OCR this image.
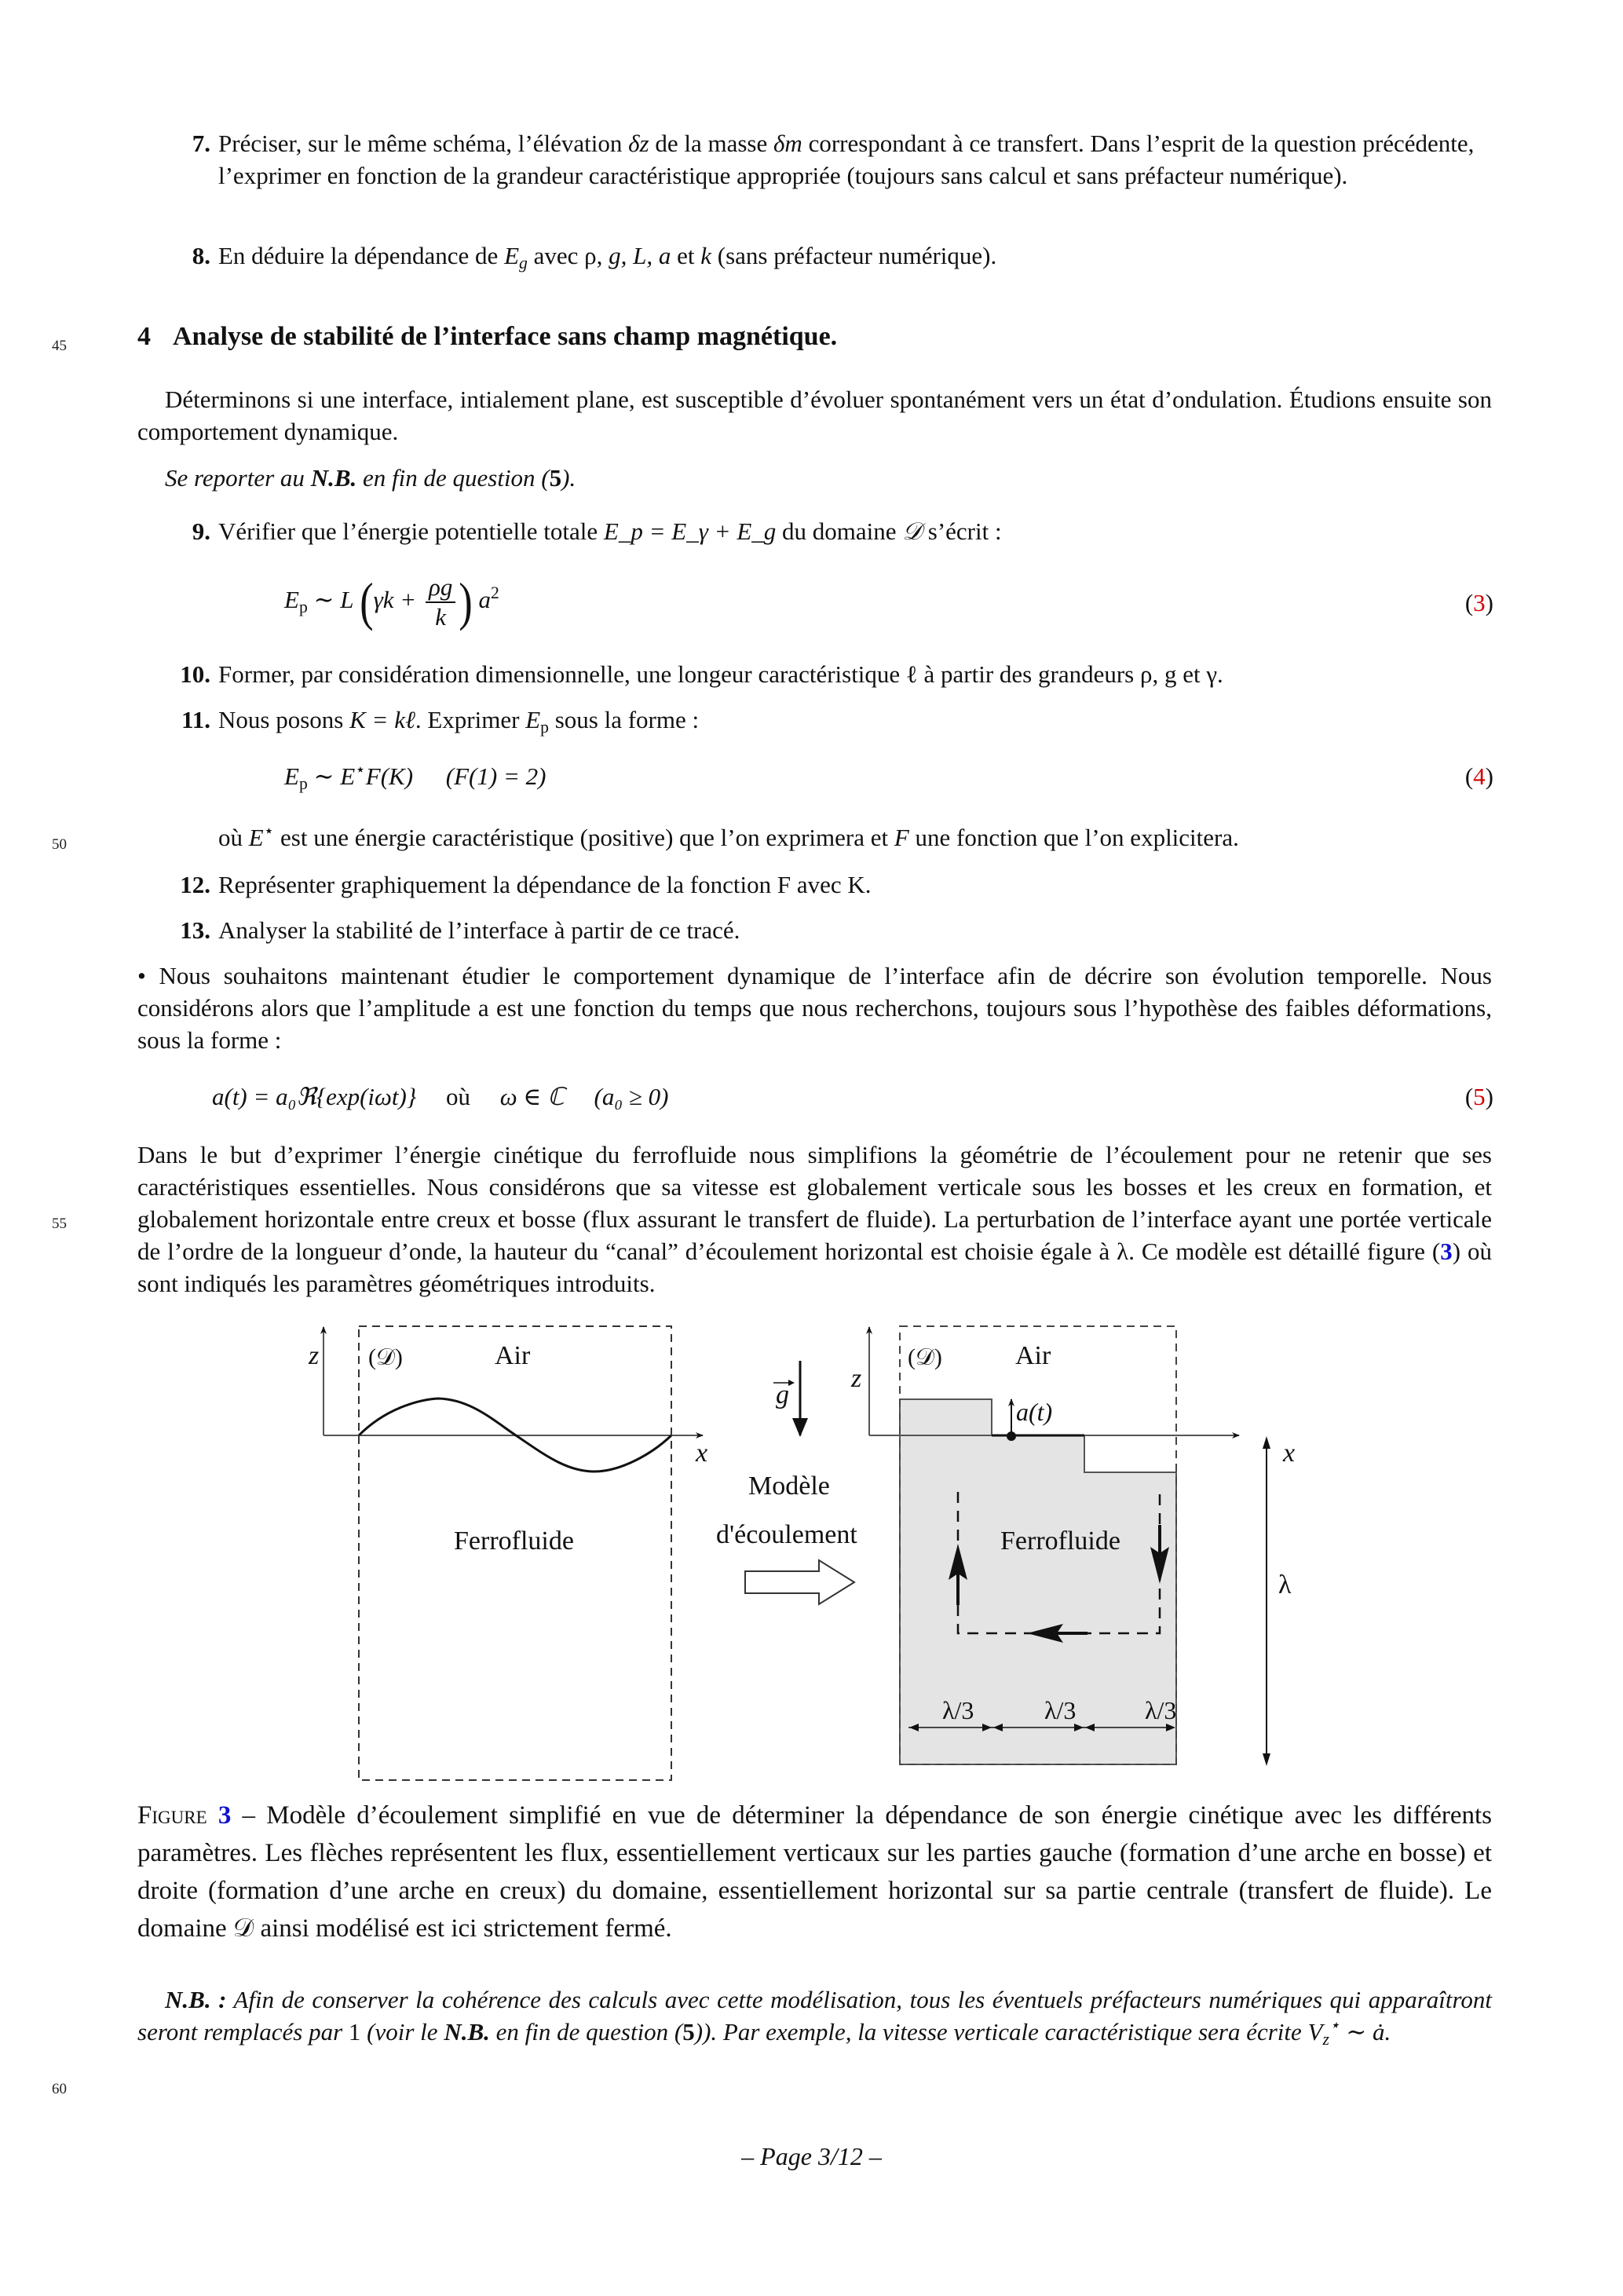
7. Préciser, sur le même schéma, l’élévation δz de la masse δm correspondant à ce transfert. Dans l’esprit de la question précédente, l’exprimer en fonction de la grandeur caractéristique appropriée (toujours sans calcul et sans préfacteur numérique).
8. En déduire la dépendance de $E_g$ avec ρ, g, L, a et k (sans préfacteur numérique).
45
50
55
60
4 Analyse de stabilité de l’interface sans champ magnétique.
Déterminons si une interface, intialement plane, est susceptible d’évoluer spontanément vers un état d’ondulation. Étudions ensuite son comportement dynamique.
Se reporter au N.B. en fin de question (5).
9. Vérifier que l’énergie potentielle totale E_p = E_γ + E_g du domaine 𝒟 s’écrit :
$E_p$ ∼ L ($\gamma k + \frac{\rho g}{k}$ ) $a^2$	(3)
10. Former, par considération dimensionnelle, une longeur caractéristique ℓ à partir des grandeurs ρ, g et γ.
11. Nous posons K = kℓ. Exprimer $E_p$ sous la forme :
$E_p$ ∼ E⋆F(K) (F(1) = 2)	(4)
où E⋆ est une énergie caractéristique (positive) que l’on exprimera et F une fonction que l’on explicitera.
12. Représenter graphiquement la dépendance de la fonction F avec K.
13. Analyser la stabilité de l’interface à partir de ce tracé.
• Nous souhaitons maintenant étudier le comportement dynamique de l’interface afin de décrire son évolution temporelle. Nous considérons alors que l’amplitude a est une fonction du temps que nous recherchons, toujours sous l’hypothèse des faibles déformations, sous la forme :
a(t) = a₀ℜ{exp(iωt)} où ω ∈ ℂ (a₀ ≥ 0)	(5)
Dans le but d’exprimer l’énergie cinétique du ferrofluide nous simplifions la géométrie de l’écoulement pour ne retenir que ses caractéristiques essentielles. Nous considérons que sa vitesse est globalement verticale sous les bosses et les creux en formation, et globalement horizontale entre creux et bosse (flux assurant le transfert de fluide). La perturbation de l’interface ayant une portée verticale de l’ordre de la longueur d’onde, la hauteur du “canal” d’écoulement horizontal est choisie égale à λ. Ce modèle est détaillé figure (3) où sont indiqués les paramètres géométriques introduits.
z
x
(𝒟)	Air
Ferrofluide
g
Modèle
d'écoulement
z
x
(𝒟)	Air
a(t)
Ferrofluide
λ
λ/3	λ/3	λ/3
Figure 3 – Modèle d’écoulement simplifié en vue de déterminer la dépendance de son énergie cinétique avec les différents paramètres. Les flèches représentent les flux, essentiellement verticaux sur les parties gauche (formation d’une arche en bosse) et droite (formation d’une arche en creux) du domaine, essentiellement horizontal sur sa partie centrale (transfert de fluide). Le domaine 𝒟 ainsi modélisé est ici strictement fermé.
N.B. : Afin de conserver la cohérence des calculs avec cette modélisation, tous les éventuels préfacteurs numériques qui apparaîtront seront remplacés par 1 (voir le N.B. en fin de question (5)). Par exemple, la vitesse verticale caractéristique sera écrite $V_z^⋆$ ∼ ȧ.
– Page 3/12 –
